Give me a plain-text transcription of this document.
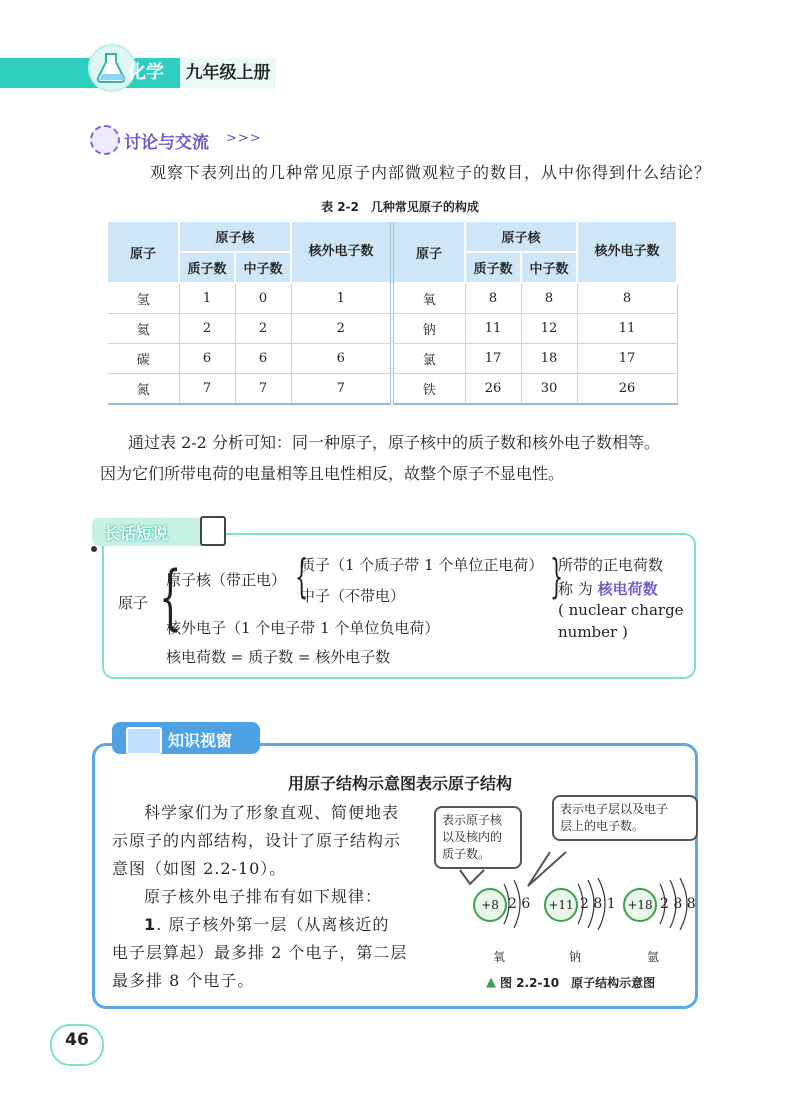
化学	九年级上册
讨论与交流 >>>
观察下表列出的几种常见原子内部微观粒子的数目，从中你得到什么结论？
表 2-2　几种常见原子的构成
原子	原子核		核外电子数	原子	原子核		核外电子数
	质子数	中子数			质子数	中子数	
氢	1	0	1	氧	8	8	8
氦	2	2	2	钠	11	12	11
碳	6	6	6	氯	17	18	17
氮	7	7	7	铁	26	30	26
通过表 2-2 分析可知：同一种原子，原子核中的质子数和核外电子数相等。
因为它们所带电荷的电量相等且电性相反，故整个原子不显电性。
长话短说
原子 {
原子核（带正电） {
质子（1 个质子带 1 个单位正电荷）
中子（不带电）	}
所带的正电荷数
称 为 核电荷数
( nuclear charge
number )
核外电子（1 个电子带 1 个单位负电荷）
核电荷数 = 质子数 = 核外电子数
知识视窗
用原子结构示意图表示原子结构
科学家们为了形象直观、简便地表
示原子的内部结构，设计了原子结构示
意图（如图 2.2-10）。
原子核外电子排布有如下规律：
1. 原子核外第一层（从离核近的
电子层算起）最多排 2 个电子，第二层
最多排 8 个电子。
表示原子核
以及核内的
质子数。
表示电子层以及电子
层上的电子数。
+8 2 6
氧
+11 2 8 1
钠
+18 2 8 8
氩
▲ 图 2.2-10　原子结构示意图
46
